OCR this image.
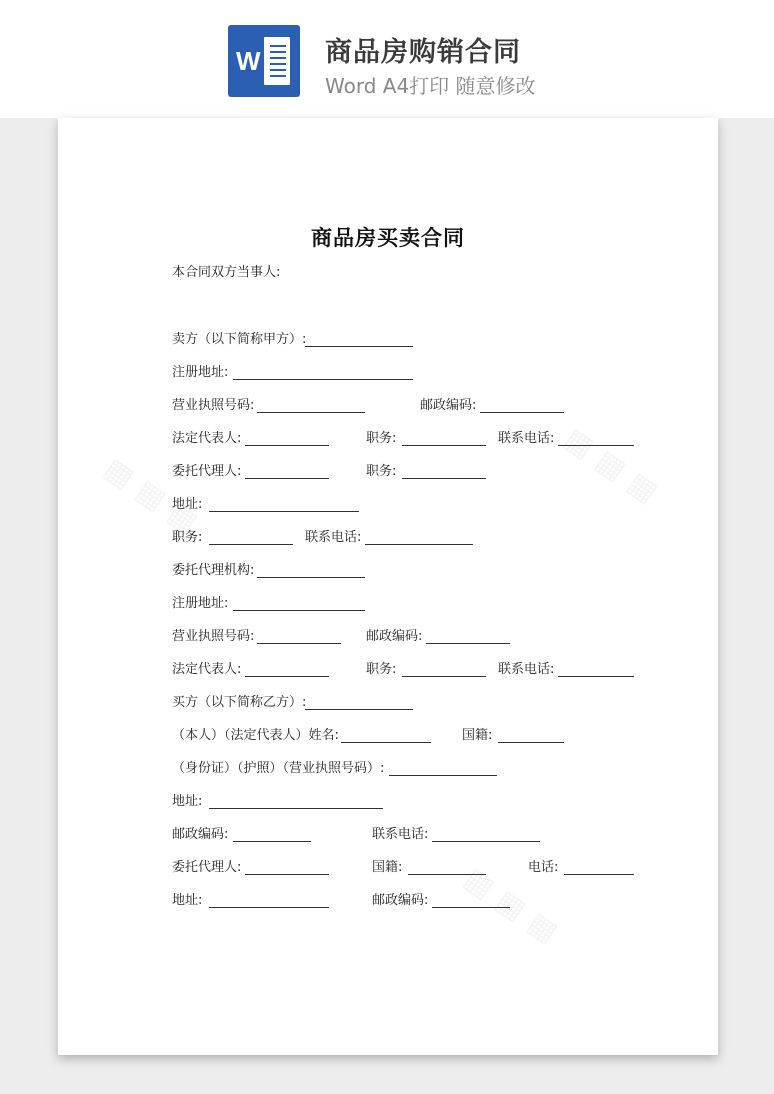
W	商品房购销合同
Word A4打印 随意修改
商品房买卖合同
本合同双方当事人:
卖方（以下简称甲方）:
注册地址:
营业执照号码:	邮政编码:
法定代表人:	职务:	联系电话:
委托代理人:	职务:
地址:
职务:	联系电话:
委托代理机构:
注册地址:
营业执照号码:	邮政编码:
法定代表人:	职务:	联系电话:
买方（以下简称乙方）:
（本人）（法定代表人）姓名:	国籍:
（身份证）（护照）（营业执照号码）:
地址:
邮政编码:	联系电话:
委托代理人:	国籍:	电话:
地址:	邮政编码:
